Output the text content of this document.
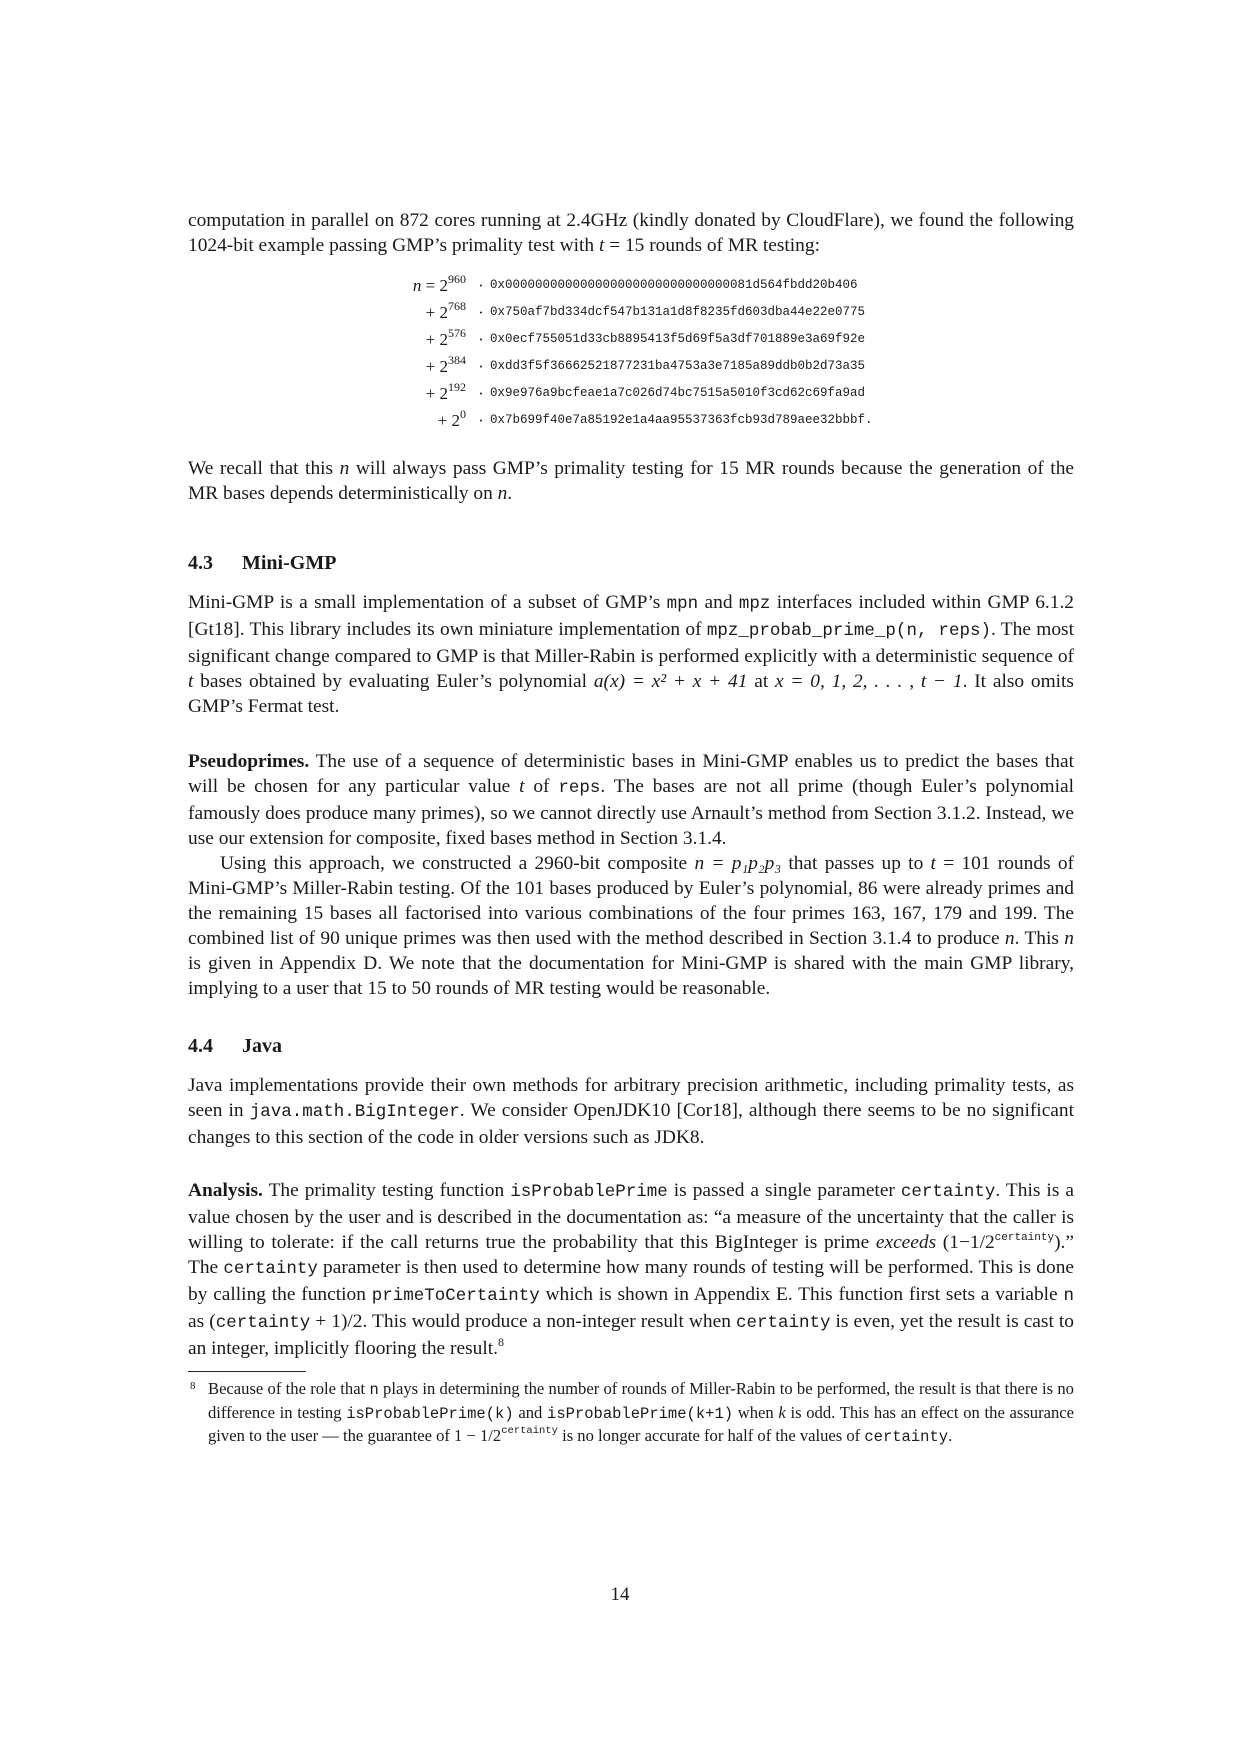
computation in parallel on 872 cores running at 2.4GHz (kindly donated by CloudFlare), we found the following 1024-bit example passing GMP’s primality test with t = 15 rounds of MR testing:

$n = 2^{960}$ · 0x000000000000000000000000000000081d564fbdd20b406
+ $2^{768} \cdot 0x750af7bd334dcf547b131a1d8f8235fd603dba44e22e0775$
+ $2^{576} \cdot 0x0ecf755051d33cb8895413f5d69f5a3df701889e3a69f92e$
+ $2^{384} \cdot 0xdd3f5f36662521877231ba4753a3e7185a89ddb0b2d73a35$
+ $2^{192}$ · 0x9e976a9bcfeae1a7c026d74bc7515a5010f3cd62c69fa9ad
+ $2^0$ · 0x7b699f40e7a85192e1a4aa95537363fcb93d789aee32bbbf.

We recall that this n will always pass GMP’s primality testing for 15 MR rounds because the generation of the MR bases depends deterministically on n.

4.3 Mini-GMP

Mini-GMP is a small implementation of a subset of GMP’s mpn and mpz interfaces included within GMP 6.1.2 [Gt18]. This library includes its own miniature implementation of mpz_probab_prime_p(n, reps). The most significant change compared to GMP is that Miller-Rabin is performed explicitly with a deterministic sequence of t bases obtained by evaluating Euler’s polynomial a(x) = x² + x + 41 at x = 0, 1, 2, . . . , t − 1. It also omits GMP’s Fermat test.

Pseudoprimes. The use of a sequence of deterministic bases in Mini-GMP enables us to predict the bases that will be chosen for any particular value t of reps. The bases are not all prime (though Euler’s polynomial famously does produce many primes), so we cannot directly use Arnault’s method from Section 3.1.2. Instead, we use our extension for composite, fixed bases method in Section 3.1.4.

Using this approach, we constructed a 2960-bit composite n = p₁p₂p₃ that passes up to t = 101 rounds of Mini-GMP’s Miller-Rabin testing. Of the 101 bases produced by Euler’s polynomial, 86 were already primes and the remaining 15 bases all factorised into various combinations of the four primes 163, 167, 179 and 199. The combined list of 90 unique primes was then used with the method described in Section 3.1.4 to produce n. This n is given in Appendix D. We note that the documentation for Mini-GMP is shared with the main GMP library, implying to a user that 15 to 50 rounds of MR testing would be reasonable.

4.4 Java

Java implementations provide their own methods for arbitrary precision arithmetic, including primality tests, as seen in java.math.BigInteger. We consider OpenJDK10 [Cor18], although there seems to be no significant changes to this section of the code in older versions such as JDK8.

Analysis. The primality testing function isProbablePrime is passed a single parameter certainty. This is a value chosen by the user and is described in the documentation as: “a measure of the uncertainty that the caller is willing to tolerate: if the call returns true the probability that this BigInteger is prime exceeds $(1-1/2^{certainty})$.” The certainty parameter is then used to determine how many rounds of testing will be performed. This is done by calling the function primeToCertainty which is shown in Appendix E. This function first sets a variable n as (certainty + 1)/2. This would produce a non-integer result when certainty is even, yet the result is cast to an integer, implicitly flooring the result.$^8$

8 Because of the role that n plays in determining the number of rounds of Miller-Rabin to be performed, the result is that there is no difference in testing isProbablePrime(k) and isProbablePrime(k+1) when k is odd. This has an effect on the assurance given to the user — the guarantee of $1 - 1/2^{certainty}$ is no longer accurate for half of the values of certainty.

14
